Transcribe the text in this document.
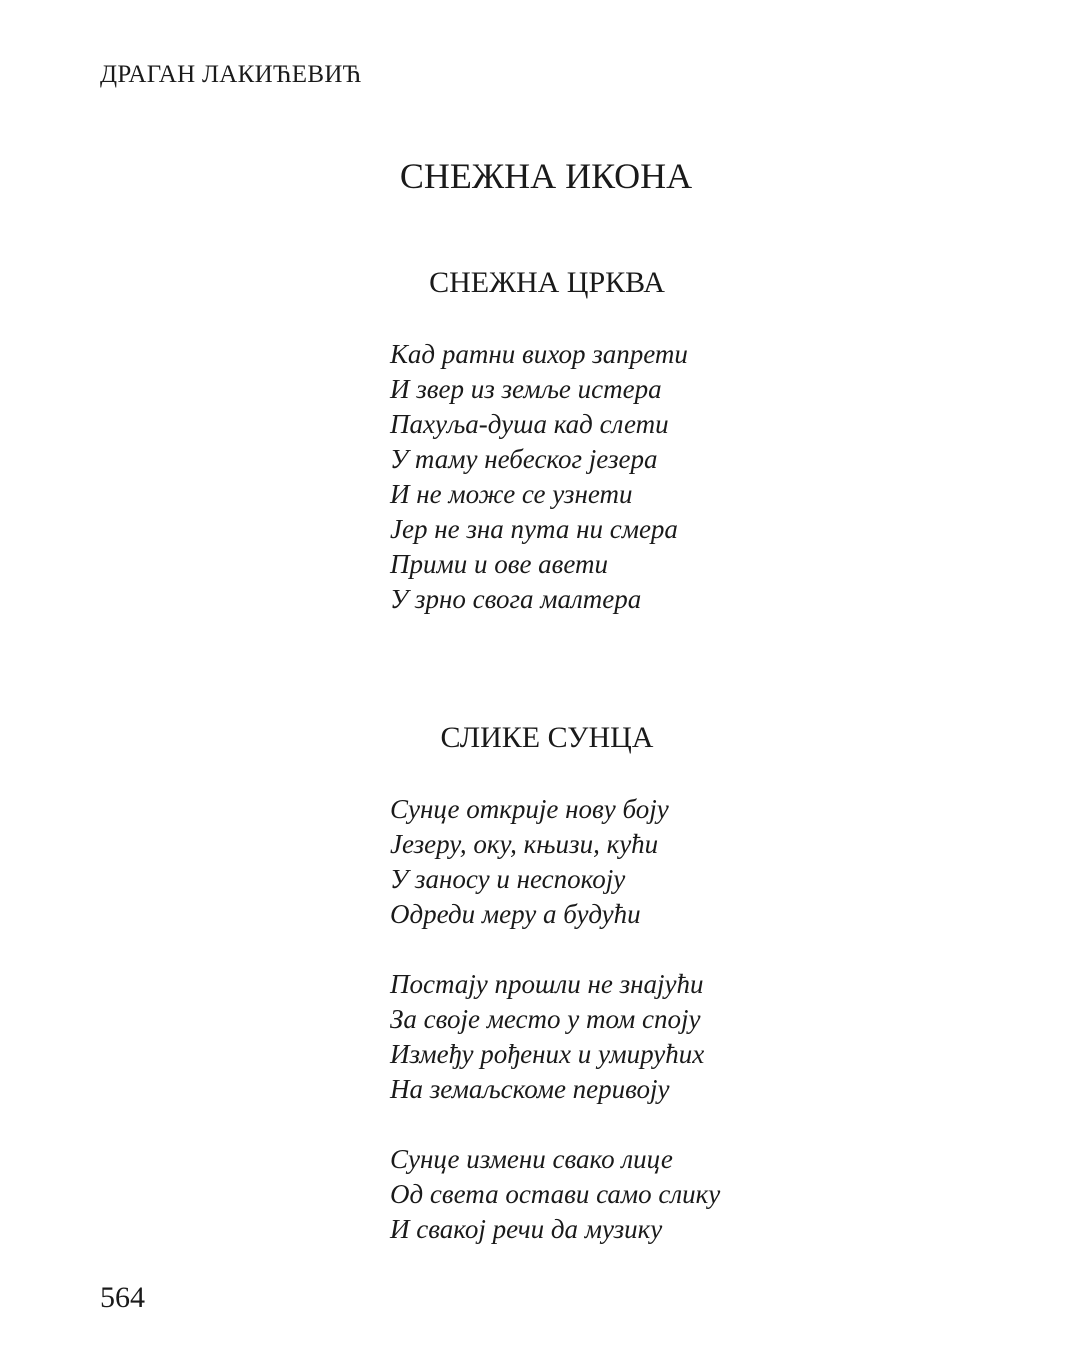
ДРАГАН ЛАКИЋЕВИЋ
СНЕЖНА ИКОНА
СНЕЖНА ЦРКВА
Кад ратни вихор запрети
И звер из земље истера
Пахуља-душа кад слети
У таму небеског језера
И не може се узнети
Јер не зна пута ни смера
Прими и ове авети
У зрно свога малтера
СЛИКЕ СУНЦА
Сунце открије нову боју
Језеру, оку, књизи, кући
У заносу и неспокоју
Одреди меру а будући
Постају прошли не знајући
За своје место у том споју
Између рођених и умирућих
На земаљскоме перивоју
Сунце измени свако лице
Од света остави само слику
И свакој речи да музику
564
